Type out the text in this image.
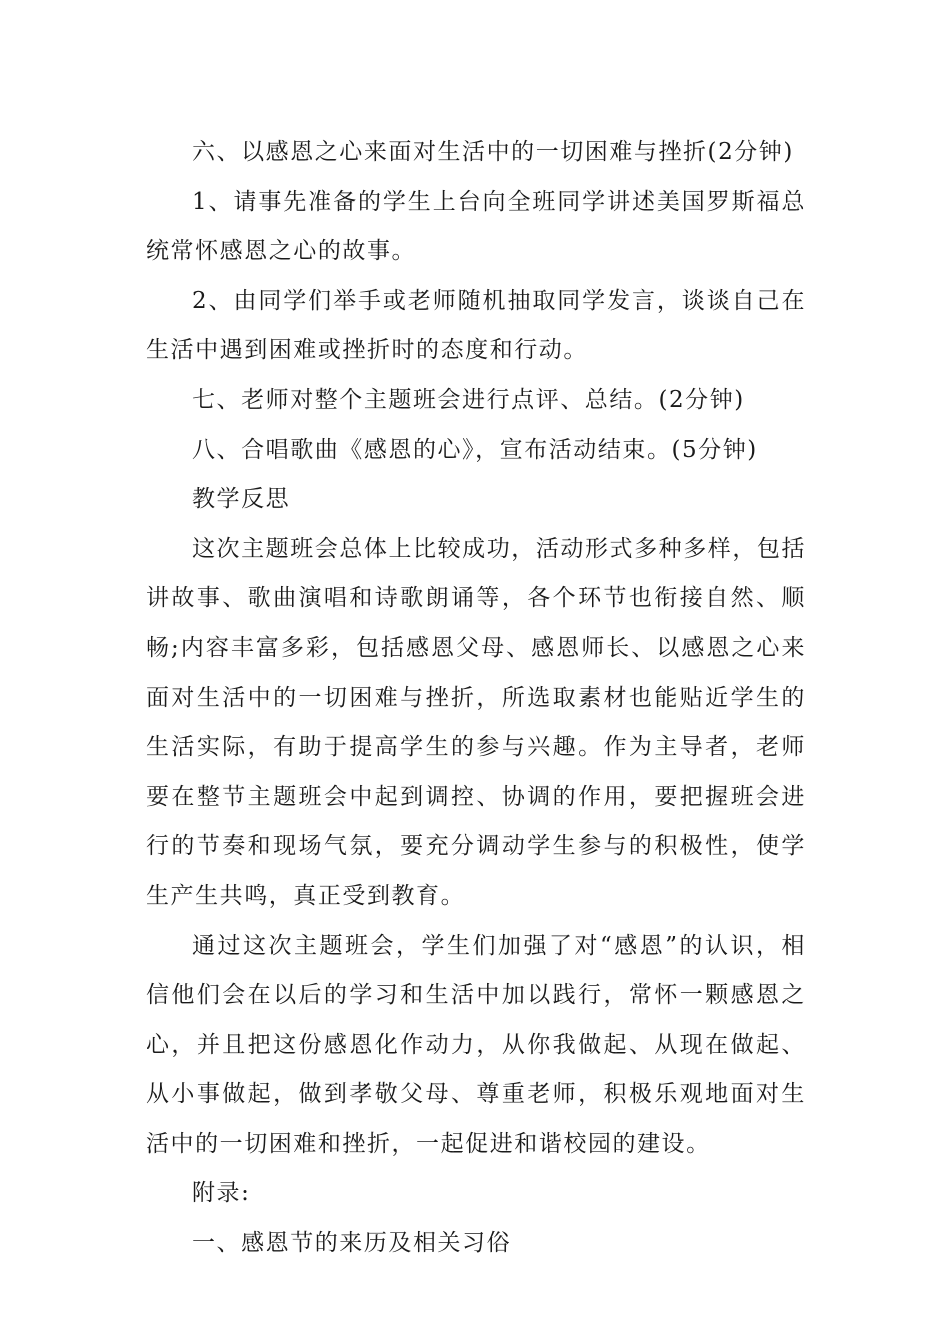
六、以感恩之心来面对生活中的一切困难与挫折(2分钟)

1、请事先准备的学生上台向全班同学讲述美国罗斯福总统常怀感恩之心的故事。

2、由同学们举手或老师随机抽取同学发言，谈谈自己在生活中遇到困难或挫折时的态度和行动。

七、老师对整个主题班会进行点评、总结。(2分钟)

八、合唱歌曲《感恩的心》，宣布活动结束。(5分钟)

教学反思

这次主题班会总体上比较成功，活动形式多种多样，包括讲故事、歌曲演唱和诗歌朗诵等，各个环节也衔接自然、顺畅;内容丰富多彩，包括感恩父母、感恩师长、以感恩之心来面对生活中的一切困难与挫折，所选取素材也能贴近学生的生活实际，有助于提高学生的参与兴趣。作为主导者，老师要在整节主题班会中起到调控、协调的作用，要把握班会进行的节奏和现场气氛，要充分调动学生参与的积极性，使学生产生共鸣，真正受到教育。

通过这次主题班会，学生们加强了对“感恩”的认识，相信他们会在以后的学习和生活中加以践行，常怀一颗感恩之心，并且把这份感恩化作动力，从你我做起、从现在做起、从小事做起，做到孝敬父母、尊重老师，积极乐观地面对生活中的一切困难和挫折，一起促进和谐校园的建设。

附录:

一、感恩节的来历及相关习俗
